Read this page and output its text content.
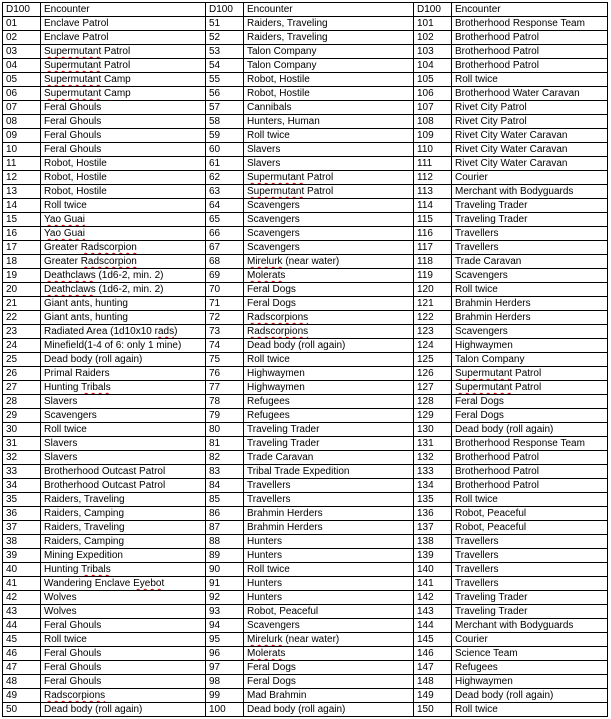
D100	Encounter	D100	Encounter	D100	Encounter
01	Enclave Patrol	51	Raiders, Traveling	101	Brotherhood Response Team
02	Enclave Patrol	52	Raiders, Traveling	102	Brotherhood Patrol
03	Supermutant Patrol	53	Talon Company	103	Brotherhood Patrol
04	Supermutant Patrol	54	Talon Company	104	Brotherhood Patrol
05	Supermutant Camp	55	Robot, Hostile	105	Roll twice
06	Supermutant Camp	56	Robot, Hostile	106	Brotherhood Water Caravan
07	Feral Ghouls	57	Cannibals	107	Rivet City Patrol
08	Feral Ghouls	58	Hunters, Human	108	Rivet City Patrol
09	Feral Ghouls	59	Roll twice	109	Rivet City Water Caravan
10	Feral Ghouls	60	Slavers	110	Rivet City Water Caravan
11	Robot, Hostile	61	Slavers	111	Rivet City Water Caravan
12	Robot, Hostile	62	Supermutant Patrol	112	Courier
13	Robot, Hostile	63	Supermutant Patrol	113	Merchant with Bodyguards
14	Roll twice	64	Scavengers	114	Traveling Trader
15	Yao Guai	65	Scavengers	115	Traveling Trader
16	Yao Guai	66	Scavengers	116	Travellers
17	Greater Radscorpion	67	Scavengers	117	Travellers
18	Greater Radscorpion	68	Mirelurk (near water)	118	Trade Caravan
19	Deathclaws (1d6-2, min. 2)	69	Molerats	119	Scavengers
20	Deathclaws (1d6-2, min. 2)	70	Feral Dogs	120	Roll twice
21	Giant ants, hunting	71	Feral Dogs	121	Brahmin Herders
22	Giant ants, hunting	72	Radscorpions	122	Brahmin Herders
23	Radiated Area (1d10x10 rads)	73	Radscorpions	123	Scavengers
24	Minefield(1-4 of 6: only 1 mine)	74	Dead body (roll again)	124	Highwaymen
25	Dead body (roll again)	75	Roll twice	125	Talon Company
26	Primal Raiders	76	Highwaymen	126	Supermutant Patrol
27	Hunting Tribals	77	Highwaymen	127	Supermutant Patrol
28	Slavers	78	Refugees	128	Feral Dogs
29	Scavengers	79	Refugees	129	Feral Dogs
30	Roll twice	80	Traveling Trader	130	Dead body (roll again)
31	Slavers	81	Traveling Trader	131	Brotherhood Response Team
32	Slavers	82	Trade Caravan	132	Brotherhood Patrol
33	Brotherhood Outcast Patrol	83	Tribal Trade Expedition	133	Brotherhood Patrol
34	Brotherhood Outcast Patrol	84	Travellers	134	Brotherhood Patrol
35	Raiders, Traveling	85	Travellers	135	Roll twice
36	Raiders, Camping	86	Brahmin Herders	136	Robot, Peaceful
37	Raiders, Traveling	87	Brahmin Herders	137	Robot, Peaceful
38	Raiders, Camping	88	Hunters	138	Travellers
39	Mining Expedition	89	Hunters	139	Travellers
40	Hunting Tribals	90	Roll twice	140	Travellers
41	Wandering Enclave Eyebot	91	Hunters	141	Travellers
42	Wolves	92	Hunters	142	Traveling Trader
43	Wolves	93	Robot, Peaceful	143	Traveling Trader
44	Feral Ghouls	94	Scavengers	144	Merchant with Bodyguards
45	Roll twice	95	Mirelurk (near water)	145	Courier
46	Feral Ghouls	96	Molerats	146	Science Team
47	Feral Ghouls	97	Feral Dogs	147	Refugees
48	Feral Ghouls	98	Feral Dogs	148	Highwaymen
49	Radscorpions	99	Mad Brahmin	149	Dead body (roll again)
50	Dead body (roll again)	100	Dead body (roll again)	150	Roll twice
